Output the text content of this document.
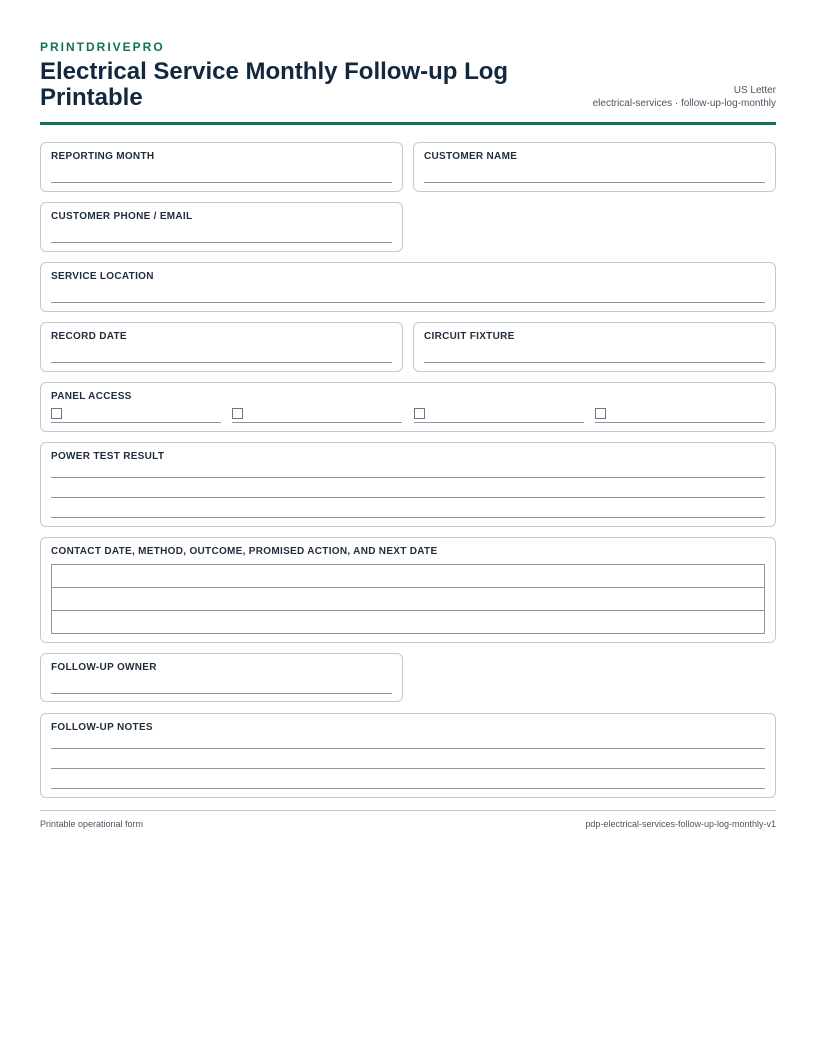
PRINTDRIVEPRO
Electrical Service Monthly Follow-up Log Printable	US Letter
electrical-services · follow-up-log-monthly
REPORTING MONTH	CUSTOMER NAME
CUSTOMER PHONE / EMAIL
SERVICE LOCATION
RECORD DATE	CIRCUIT FIXTURE
PANEL ACCESS
POWER TEST RESULT
CONTACT DATE, METHOD, OUTCOME, PROMISED ACTION, AND NEXT DATE

FOLLOW-UP OWNER
FOLLOW-UP NOTES
Printable operational form	pdp-electrical-services-follow-up-log-monthly-v1
